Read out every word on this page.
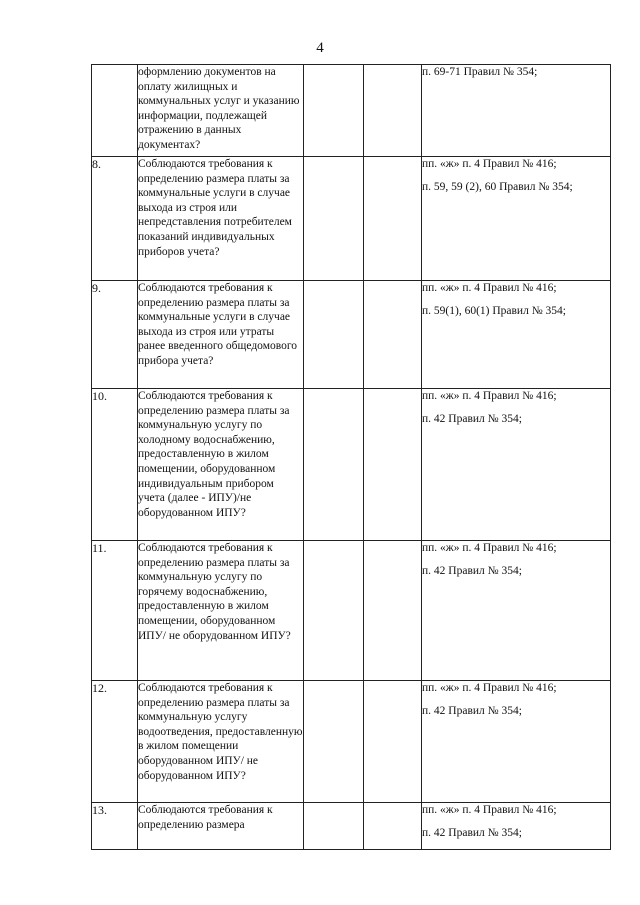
4
	оформлению документов на оплату жилищных и коммунальных услуг и указанию информации, подлежащей отражению в данных документах?			п. 69-71 Правил № 354;

8.	Соблюдаются требования к определению размера платы за коммунальные услуги в случае выхода из строя или непредставления потребителем показаний индивидуальных приборов учета?			пп. «ж» п. 4 Правил № 416;
п. 59, 59 (2), 60 Правил № 354;

9.	Соблюдаются требования к определению размера платы за коммунальные услуги в случае выхода из строя или утраты ранее введенного общедомового прибора учета?			пп. «ж» п. 4 Правил № 416;
п. 59(1), 60(1) Правил № 354;

10.	Соблюдаются требования к определению размера платы за коммунальную услугу по холодному водоснабжению, предоставленную в жилом помещении, оборудованном индивидуальным прибором учета (далее - ИПУ)/не оборудованном ИПУ?			пп. «ж» п. 4 Правил № 416;
п. 42 Правил № 354;

11.	Соблюдаются требования к определению размера платы за коммунальную услугу по горячему водоснабжению, предоставленную в жилом помещении, оборудованном ИПУ/ не оборудованном ИПУ?			пп. «ж» п. 4 Правил № 416;
п. 42 Правил № 354;

12.	Соблюдаются требования к определению размера платы за коммунальную услугу водоотведения, предоставленную в жилом помещении оборудованном ИПУ/ не оборудованном ИПУ?			пп. «ж» п. 4 Правил № 416;
п. 42 Правил № 354;

13.	Соблюдаются требования к определению размера			пп. «ж» п. 4 Правил № 416;
п. 42 Правил № 354;
